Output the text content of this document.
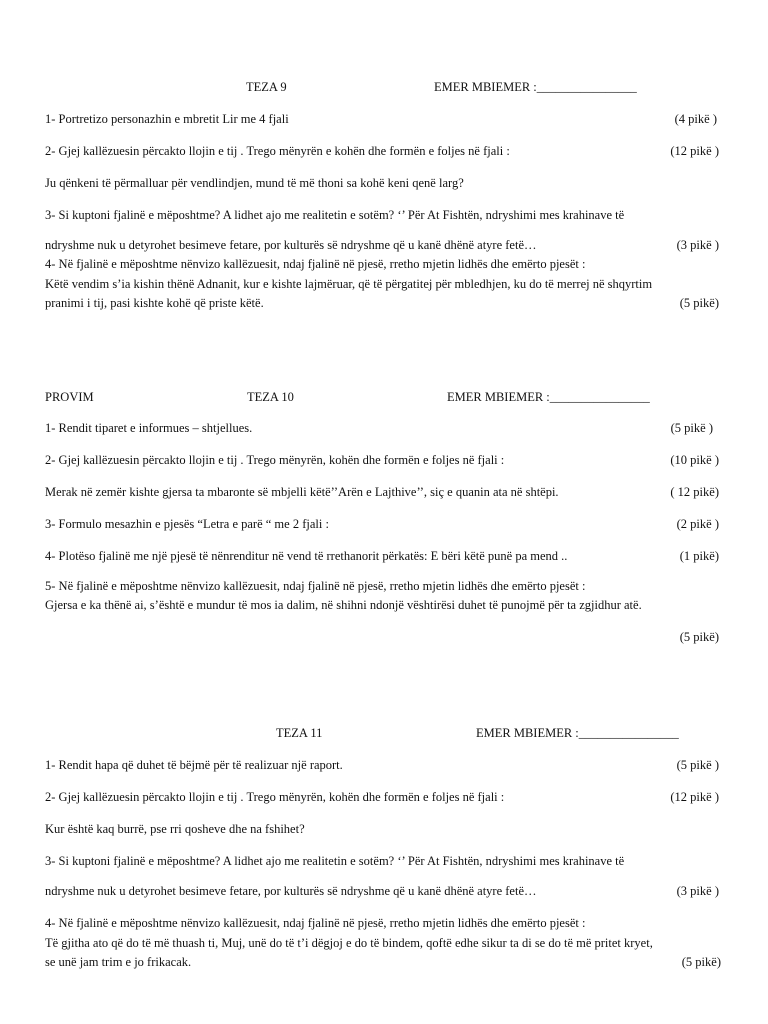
TEZA 9	EMER MBIEMER :________________
1- Portretizo personazhin e mbretit Lir me 4 fjali	(4 pikë )
2- Gjej kallëzuesin përcakto llojin e tij . Trego mënyrën e kohën dhe formën e foljes në fjali :	(12 pikë )
Ju qënkeni të përmalluar për vendlindjen, mund të më thoni sa kohë keni qenë larg?
3- Si kuptoni fjalinë e mëposhtme? A lidhet ajo me realitetin e sotëm? ‘’ Për At Fishtën, ndryshimi mes krahinave të
ndryshme nuk u detyrohet besimeve fetare, por kulturës së ndryshme që u kanë dhënë atyre fetë…	(3 pikë )
4- Në fjalinë e mëposhtme nënvizo kallëzuesit, ndaj fjalinë në pjesë, rretho mjetin lidhës dhe emërto pjesët :
Këtë vendim s’ia kishin thënë Adnanit, kur e kishte lajmëruar, që të përgatitej për mbledhjen, ku do të merrej në shqyrtim
pranimi i tij, pasi kishte kohë që priste këtë.	(5 pikë)
PROVIM	TEZA 10	EMER MBIEMER :________________
1- Rendit tiparet e informues – shtjellues.	(5 pikë )
2- Gjej kallëzuesin përcakto llojin e tij . Trego mënyrën, kohën dhe formën e foljes në fjali :	(10 pikë )
Merak në zemër kishte gjersa ta mbaronte së mbjelli këtë’’Arën e Lajthive’’, siç e quanin ata në shtëpi.	( 12 pikë)
3- Formulo mesazhin e pjesës “Letra e parë “ me 2 fjali :	(2 pikë )
4- Plotëso fjalinë me një pjesë të nënrenditur në vend të rrethanorit përkatës: E bëri këtë punë pa mend ..	(1 pikë)
5- Në fjalinë e mëposhtme nënvizo kallëzuesit, ndaj fjalinë në pjesë, rretho mjetin lidhës dhe emërto pjesët :
Gjersa e ka thënë ai, s’është e mundur të mos ia dalim, në shihni ndonjë vështirësi duhet të punojmë për ta zgjidhur atë.
(5 pikë)
TEZA 11	EMER MBIEMER :________________
1- Rendit hapa që duhet të bëjmë për të realizuar një raport.	(5 pikë )
2- Gjej kallëzuesin përcakto llojin e tij . Trego mënyrën, kohën dhe formën e foljes në fjali :	(12 pikë )
Kur është kaq burrë, pse rri qosheve dhe na fshihet?
3- Si kuptoni fjalinë e mëposhtme? A lidhet ajo me realitetin e sotëm? ‘’ Për At Fishtën, ndryshimi mes krahinave të
ndryshme nuk u detyrohet besimeve fetare, por kulturës së ndryshme që u kanë dhënë atyre fetë…	(3 pikë )
4- Në fjalinë e mëposhtme nënvizo kallëzuesit, ndaj fjalinë në pjesë, rretho mjetin lidhës dhe emërto pjesët :
Të gjitha ato që do të më thuash ti, Muj, unë do të t’i dëgjoj e do të bindem, qoftë edhe sikur ta di se do të më pritet kryet,
se unë jam trim e jo frikacak.	(5 pikë)
